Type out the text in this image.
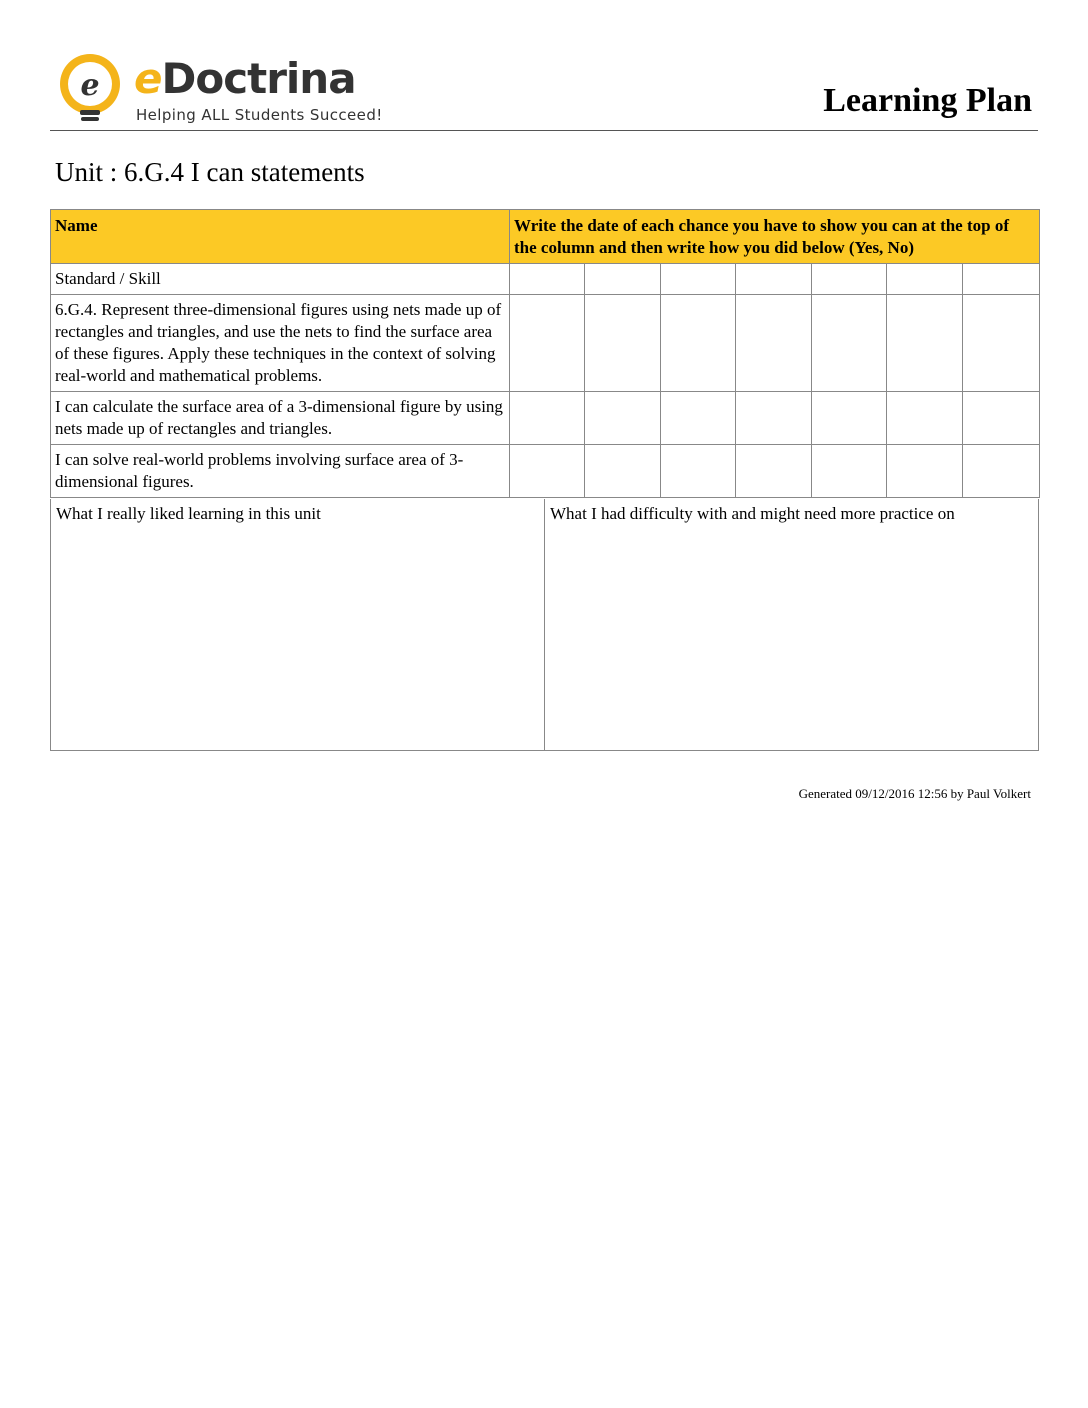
e eDoctrina
Helping ALL Students Succeed!	Learning Plan
Unit : 6.G.4 I can statements
Name	Write the date of each chance you have to show you can at the top of the column and then write how you did below (Yes, No)						
Standard / Skill							
6.G.4. Represent three-dimensional figures using nets made up of rectangles and triangles, and use the nets to find the surface area of these figures. Apply these techniques in the context of solving real-world and mathematical problems.							
I can calculate the surface area of a 3-dimensional figure by using nets made up of rectangles and triangles.							
I can solve real-world problems involving surface area of 3-dimensional figures.							
What I really liked learning in this unit	What I had difficulty with and might need more practice on
Generated 09/12/2016 12:56 by Paul Volkert
